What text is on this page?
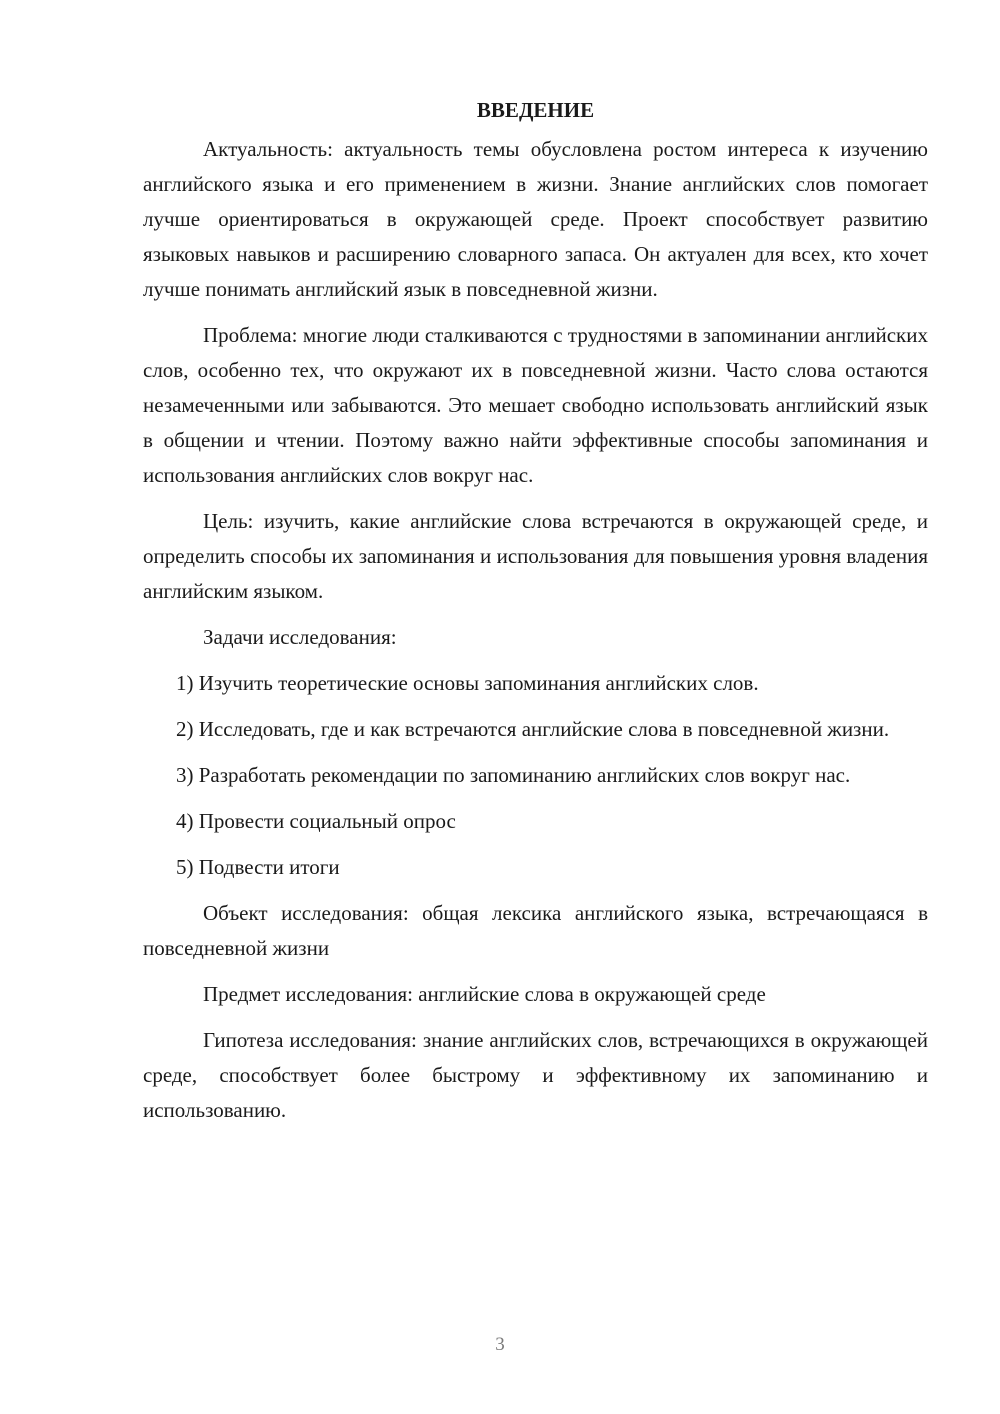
ВВЕДЕНИЕ

Актуальность: актуальность темы обусловлена ростом интереса к изучению английского языка и его применением в жизни. Знание английских слов помогает лучше ориентироваться в окружающей среде. Проект способствует развитию языковых навыков и расширению словарного запаса. Он актуален для всех, кто хочет лучше понимать английский язык в повседневной жизни.

Проблема: многие люди сталкиваются с трудностями в запоминании английских слов, особенно тех, что окружают их в повседневной жизни. Часто слова остаются незамеченными или забываются. Это мешает свободно использовать английский язык в общении и чтении. Поэтому важно найти эффективные способы запоминания и использования английских слов вокруг нас.

Цель: изучить, какие английские слова встречаются в окружающей среде, и определить способы их запоминания и использования для повышения уровня владения английским языком.

Задачи исследования:

1) Изучить теоретические основы запоминания английских слов.

2) Исследовать, где и как встречаются английские слова в повседневной жизни.

3) Разработать рекомендации по запоминанию английских слов вокруг нас.

4) Провести социальный опрос

5) Подвести итоги

Объект исследования: общая лексика английского языка, встречающаяся в повседневной жизни

Предмет исследования: английские слова в окружающей среде

Гипотеза исследования: знание английских слов, встречающихся в окружающей среде, способствует более быстрому и эффективному их запоминанию и использованию.

3
